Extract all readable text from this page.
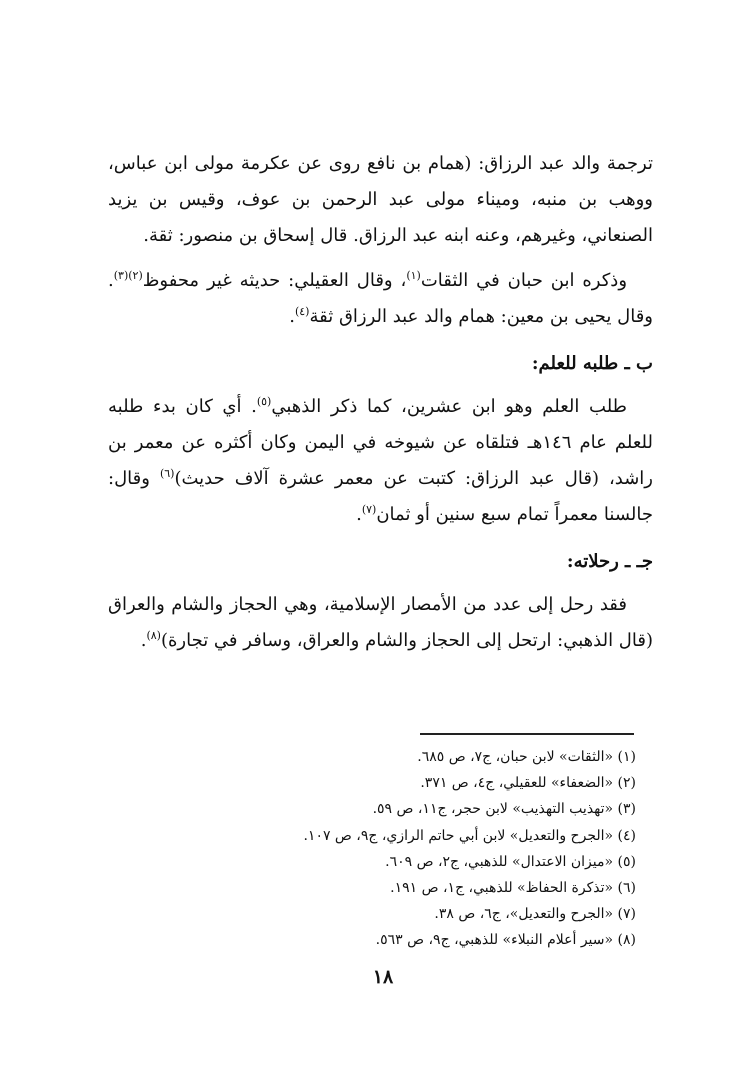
ترجمة والد عبد الرزاق: (همام بن نافع روى عن عكرمة مولى ابن عباس، ووهب بن منبه، وميناء مولى عبد الرحمن بن عوف، وقيس بن يزيد الصنعاني، وغيرهم، وعنه ابنه عبد الرزاق. قال إسحاق بن منصور: ثقة.

وذكره ابن حبان في الثقات$^{(١)}$، وقال العقيلي: حديثه غير محفوظ$^{(٢)(٣)}$. وقال يحيى بن معين: همام والد عبد الرزاق ثقة$^{(٤)}$.

ب ـ طلبه للعلم:

طلب العلم وهو ابن عشرين، كما ذكر الذهبي$^{(٥)}$. أي كان بدء طلبه للعلم عام ١٤٦هـ فتلقاه عن شيوخه في اليمن وكان أكثره عن معمر بن راشد، (قال عبد الرزاق: كتبت عن معمر عشرة آلاف حديث)$^{(٦)}$ وقال: جالسنا معمراً تمام سبع سنين أو ثمان$^{(٧)}$.

جـ ـ رحلاته:

فقد رحل إلى عدد من الأمصار الإسلامية، وهي الحجاز والشام والعراق (قال الذهبي: ارتحل إلى الحجاز والشام والعراق، وسافر في تجارة)$^{(٨)}$.

(١) «الثقات» لابن حبان، ج٧، ص ٦٨٥.
(٢) «الضعفاء» للعقيلي، ج٤، ص ٣٧١.
(٣) «تهذيب التهذيب» لابن حجر، ج١١، ص ٥٩.
(٤) «الجرح والتعديل» لابن أبي حاتم الرازي، ج٩، ص ١٠٧.
(٥) «ميزان الاعتدال» للذهبي، ج٢، ص ٦٠٩.
(٦) «تذكرة الحفاظ» للذهبي، ج١، ص ١٩١.
(٧) «الجرح والتعديل»، ج٦، ص ٣٨.
(٨) «سير أعلام النبلاء» للذهبي، ج٩، ص ٥٦٣.
١٨
